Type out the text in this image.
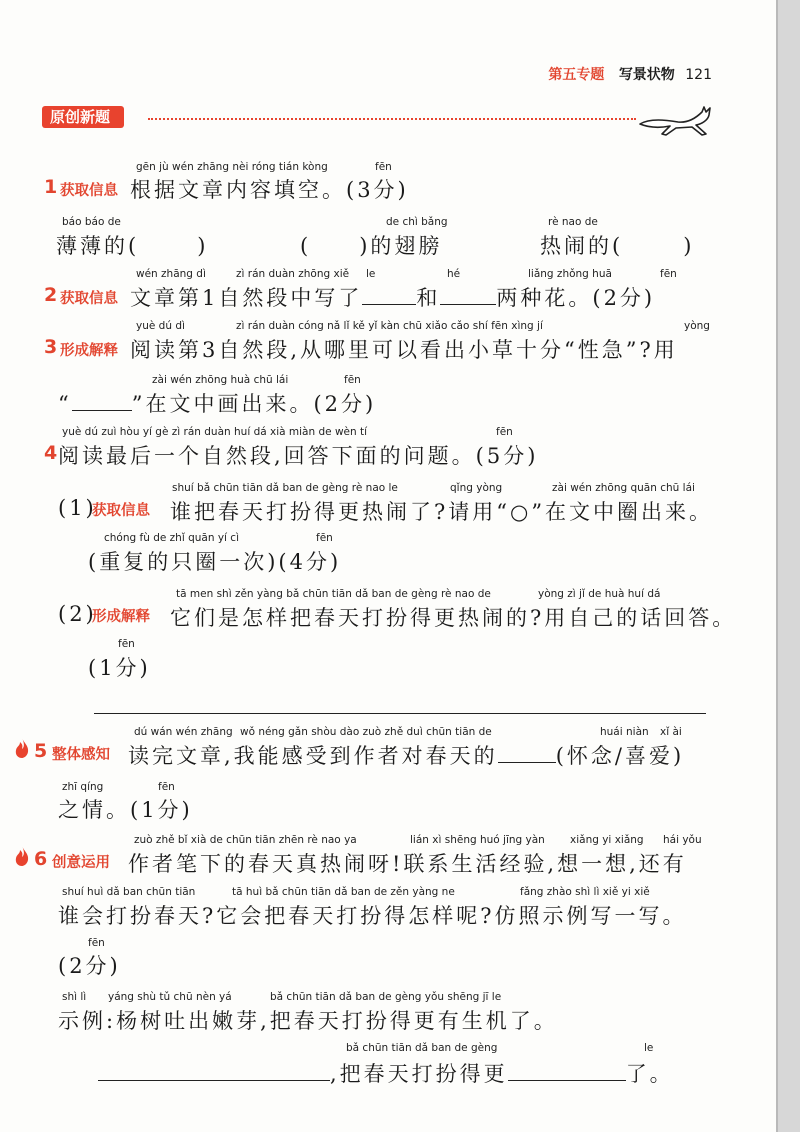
第五专题 写景状物 121
原创新题
1 获取信息
gēn jù wén zhāng nèi róng tián kòng	fēn
根据文章内容填空。(3分)
báo báo de
薄薄的(	)
de chì bǎng
( )的翅膀
rè nao de
热闹的(	)
2 获取信息
wén zhāng dì	zì rán duàn zhōng xiě le	hé	liǎng zhǒng huā	fēn
文章第1自然段中写了	和	两种花。(2分)
3 形成解释
yuè dú dì	zì rán duàn cóng nǎ lǐ kě yǐ kàn chū xiǎo cǎo shí fēn xìng jí	yòng
阅读第3自然段,从哪里可以看出小草十分“性急”?用
zài wén zhōng huà chū lái	fēn
“	”在文中画出来。(2分)
4
yuè dú zuì hòu yí gè zì rán duàn huí dá xià miàn de wèn tí	fēn
阅读最后一个自然段,回答下面的问题。(5分)
(1)
获取信息
shuí bǎ chūn tiān dǎ ban de gèng rè nao le	qǐng yòng	zài wén zhōng quān chū lái
谁把春天打扮得更热闹了?请用“○”在文中圈出来。
chóng fù de zhǐ quān yí cì	fēn
(重复的只圈一次)(4分)
(2)
形成解释
tā men shì zěn yàng bǎ chūn tiān dǎ ban de gèng rè nao de	yòng zì jǐ de huà huí dá
它们是怎样把春天打扮得更热闹的?用自己的话回答。
fēn
(1分)
5 整体感知
dú wán wén zhāng wǒ néng gǎn shòu dào zuò zhě duì chūn tiān de	huái niàn xǐ ài
读完文章,我能感受到作者对春天的	(怀念/喜爱)
zhī qíng	fēn
之情。(1分)
6 创意运用
zuò zhě bǐ xià de chūn tiān zhēn rè nao ya	lián xì shēng huó jīng yàn xiǎng yi xiǎng hái yǒu
作者笔下的春天真热闹呀!联系生活经验,想一想,还有
shuí huì dǎ ban chūn tiān	tā huì bǎ chūn tiān dǎ ban de zěn yàng ne	fǎng zhào shì lì xiě yi xiě
谁会打扮春天?它会把春天打扮得怎样呢?仿照示例写一写。
fēn
(2分)
shì lì yáng shù tǔ chū nèn yá	bǎ chūn tiān dǎ ban de gèng yǒu shēng jī le
示例:杨树吐出嫩芽,把春天打扮得更有生机了。
bǎ chūn tiān dǎ ban de gèng	le
,把春天打扮得更	了。
